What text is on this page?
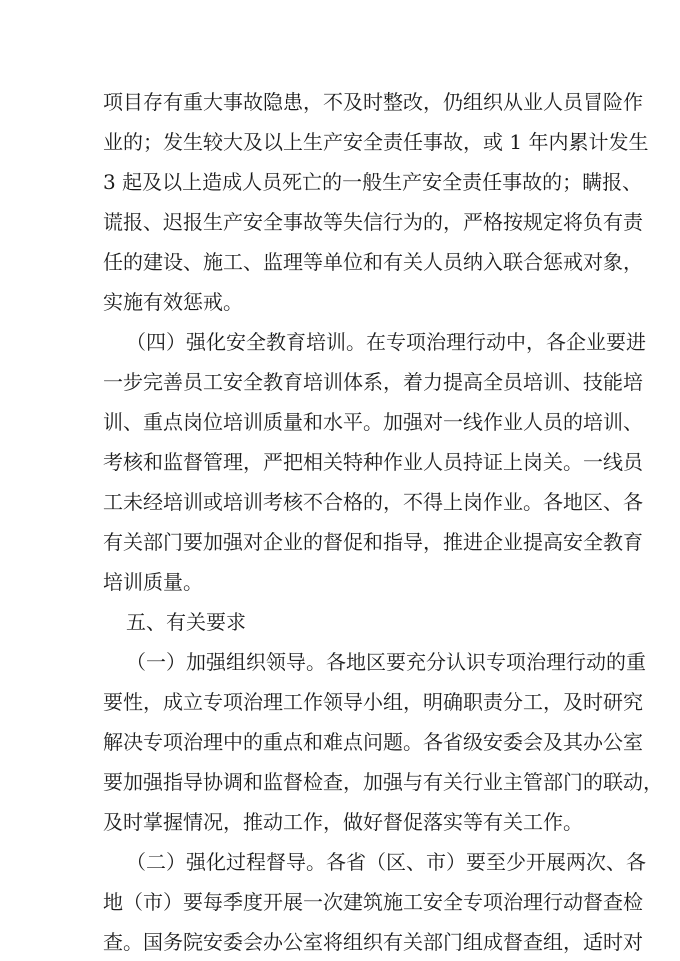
项目存有重大事故隐患，不及时整改，仍组织从业人员冒险作
业的；发生较大及以上生产安全责任事故，或 1 年内累计发生
3 起及以上造成人员死亡的一般生产安全责任事故的；瞒报、
谎报、迟报生产安全事故等失信行为的，严格按规定将负有责
任的建设、施工、监理等单位和有关人员纳入联合惩戒对象，
实施有效惩戒。
（四）强化安全教育培训。在专项治理行动中，各企业要进
一步完善员工安全教育培训体系，着力提高全员培训、技能培
训、重点岗位培训质量和水平。加强对一线作业人员的培训、
考核和监督管理，严把相关特种作业人员持证上岗关。一线员
工未经培训或培训考核不合格的，不得上岗作业。各地区、各
有关部门要加强对企业的督促和指导，推进企业提高安全教育
培训质量。
五、有关要求
（一）加强组织领导。各地区要充分认识专项治理行动的重
要性，成立专项治理工作领导小组，明确职责分工，及时研究
解决专项治理中的重点和难点问题。各省级安委会及其办公室
要加强指导协调和监督检查，加强与有关行业主管部门的联动，
及时掌握情况，推动工作，做好督促落实等有关工作。
（二）强化过程督导。各省（区、市）要至少开展两次、各
地（市）要每季度开展一次建筑施工安全专项治理行动督查检
查。国务院安委会办公室将组织有关部门组成督查组，适时对
